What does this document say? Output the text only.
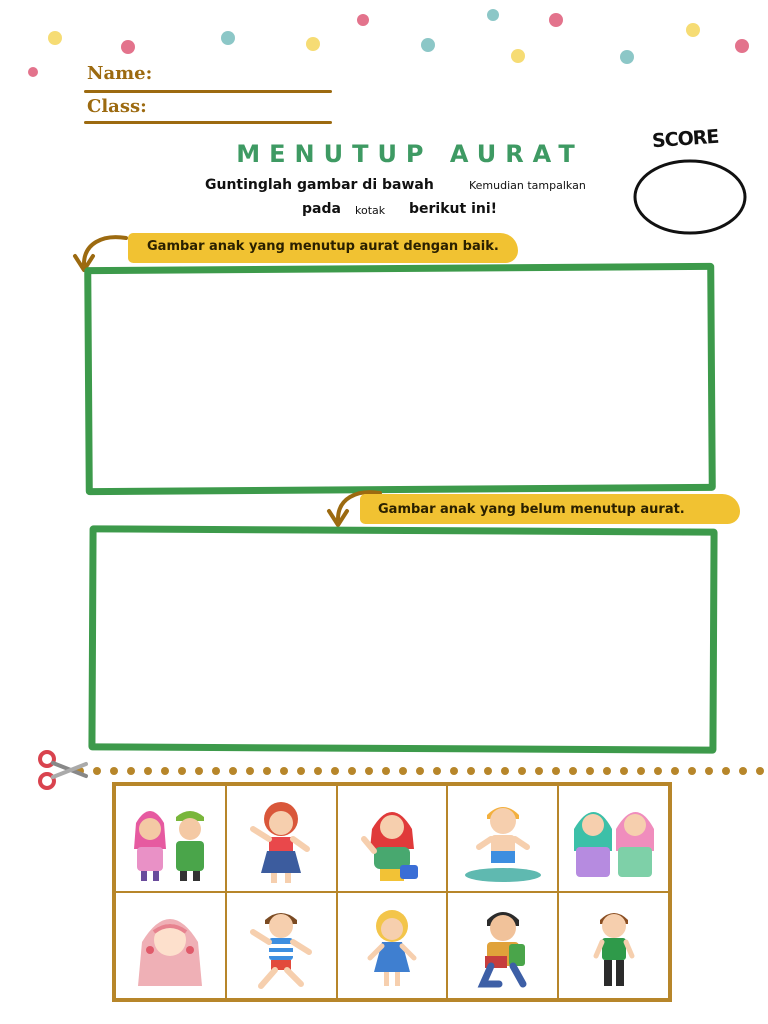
Name:
Class:
MENUTUP AURAT
Guntinglah gambar di bawah	Kemudian tampalkan
pada kotak berikut ini!
SCORE
Gambar anak yang menutup aurat dengan baik.
Gambar anak yang belum menutup aurat.
